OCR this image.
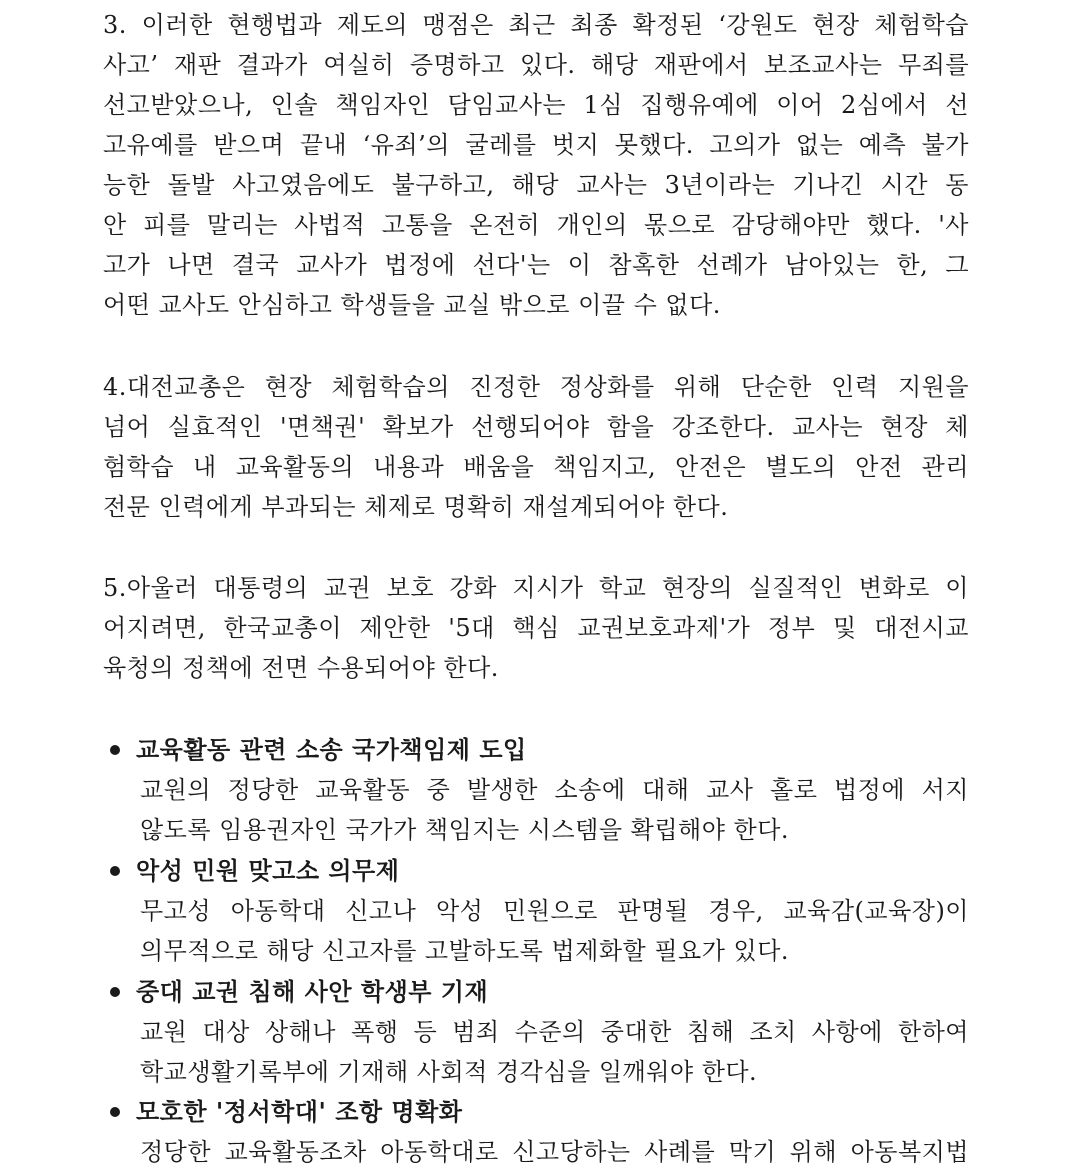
3. 이러한 현행법과 제도의 맹점은 최근 최종 확정된 ‘강원도 현장 체험학습
사고’ 재판 결과가 여실히 증명하고 있다. 해당 재판에서 보조교사는 무죄를
선고받았으나, 인솔 책임자인 담임교사는 1심 집행유예에 이어 2심에서 선
고유예를 받으며 끝내 ‘유죄’의 굴레를 벗지 못했다. 고의가 없는 예측 불가
능한 돌발 사고였음에도 불구하고, 해당 교사는 3년이라는 기나긴 시간 동
안 피를 말리는 사법적 고통을 온전히 개인의 몫으로 감당해야만 했다. '사
고가 나면 결국 교사가 법정에 선다'는 이 참혹한 선례가 남아있는 한, 그
어떤 교사도 안심하고 학생들을 교실 밖으로 이끌 수 없다.
4.대전교총은 현장 체험학습의 진정한 정상화를 위해 단순한 인력 지원을
넘어 실효적인 '면책권' 확보가 선행되어야 함을 강조한다. 교사는 현장 체
험학습 내 교육활동의 내용과 배움을 책임지고, 안전은 별도의 안전 관리
전문 인력에게 부과되는 체제로 명확히 재설계되어야 한다.
5.아울러 대통령의 교권 보호 강화 지시가 학교 현장의 실질적인 변화로 이
어지려면, 한국교총이 제안한 '5대 핵심 교권보호과제'가 정부 및 대전시교
육청의 정책에 전면 수용되어야 한다.
교육활동 관련 소송 국가책임제 도입
교원의 정당한 교육활동 중 발생한 소송에 대해 교사 홀로 법정에 서지
않도록 임용권자인 국가가 책임지는 시스템을 확립해야 한다.
악성 민원 맞고소 의무제
무고성 아동학대 신고나 악성 민원으로 판명될 경우, 교육감(교육장)이
의무적으로 해당 신고자를 고발하도록 법제화할 필요가 있다.
중대 교권 침해 사안 학생부 기재
교원 대상 상해나 폭행 등 범죄 수준의 중대한 침해 조치 사항에 한하여
학교생활기록부에 기재해 사회적 경각심을 일깨워야 한다.
모호한 '정서학대' 조항 명확화
정당한 교육활동조차 아동학대로 신고당하는 사례를 막기 위해 아동복지법
